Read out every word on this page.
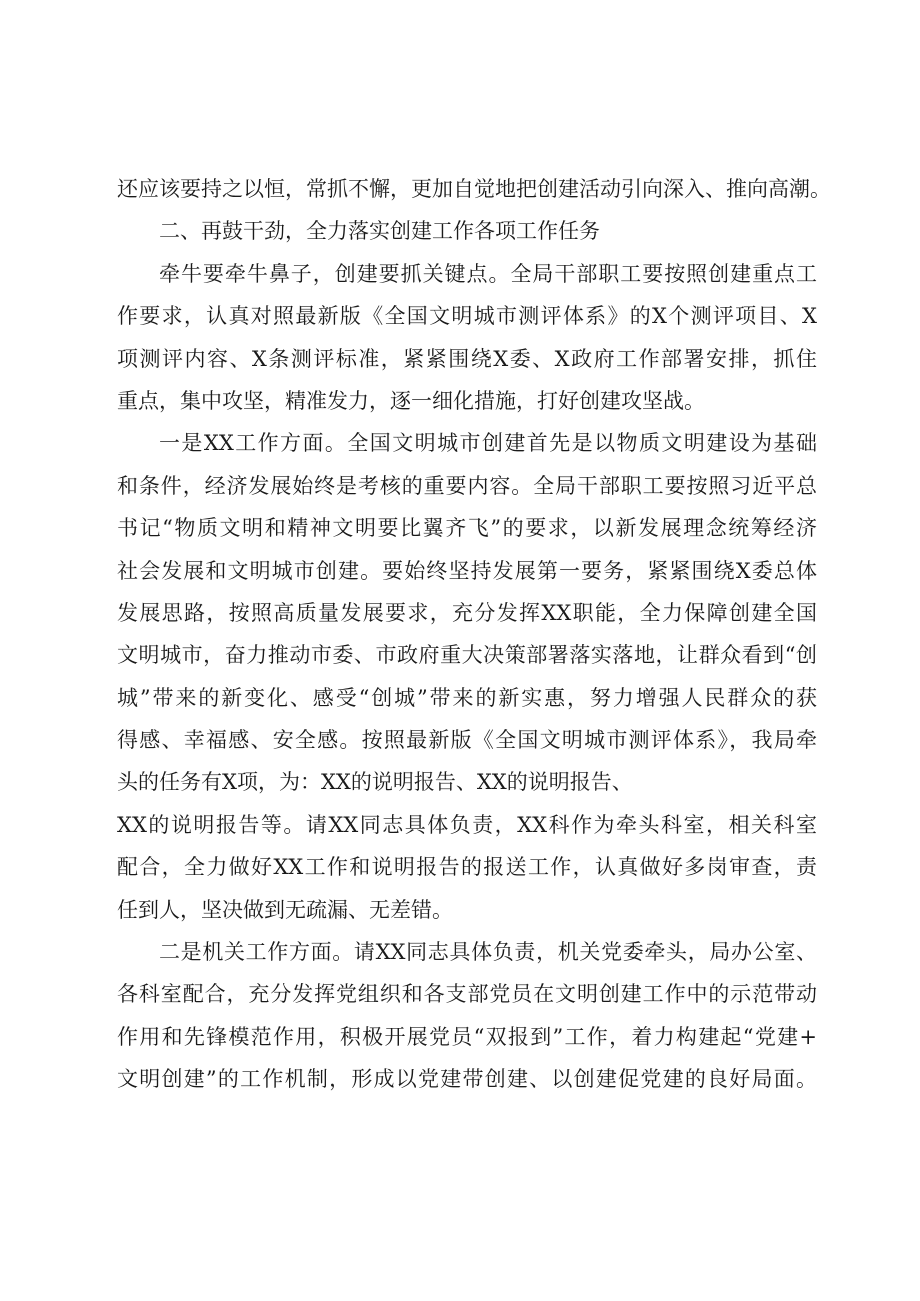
还应该要持之以恒，常抓不懈，更加自觉地把创建活动引向深入、推向高潮。
二、再鼓干劲，全力落实创建工作各项工作任务
牵牛要牵牛鼻子，创建要抓关键点。全局干部职工要按照创建重点工
作要求，认真对照最新版《全国文明城市测评体系》的X个测评项目、X
项测评内容、X条测评标准，紧紧围绕X委、X政府工作部署安排，抓住
重点，集中攻坚，精准发力，逐一细化措施，打好创建攻坚战。
一是XX工作方面。全国文明城市创建首先是以物质文明建设为基础
和条件，经济发展始终是考核的重要内容。全局干部职工要按照习近平总
书记“物质文明和精神文明要比翼齐飞”的要求，以新发展理念统筹经济
社会发展和文明城市创建。要始终坚持发展第一要务，紧紧围绕X委总体
发展思路，按照高质量发展要求，充分发挥XX职能，全力保障创建全国
文明城市，奋力推动市委、市政府重大决策部署落实落地，让群众看到“创
城”带来的新变化、感受“创城”带来的新实惠，努力增强人民群众的获
得感、幸福感、安全感。按照最新版《全国文明城市测评体系》，我局牵
头的任务有X项，为：XX的说明报告、XX的说明报告、
XX的说明报告等。请XX同志具体负责，XX科作为牵头科室，相关科室
配合，全力做好XX工作和说明报告的报送工作，认真做好多岗审查，责
任到人，坚决做到无疏漏、无差错。
二是机关工作方面。请XX同志具体负责，机关党委牵头，局办公室、
各科室配合，充分发挥党组织和各支部党员在文明创建工作中的示范带动
作用和先锋模范作用，积极开展党员“双报到”工作，着力构建起“党建+
文明创建”的工作机制，形成以党建带创建、以创建促党建的良好局面。
